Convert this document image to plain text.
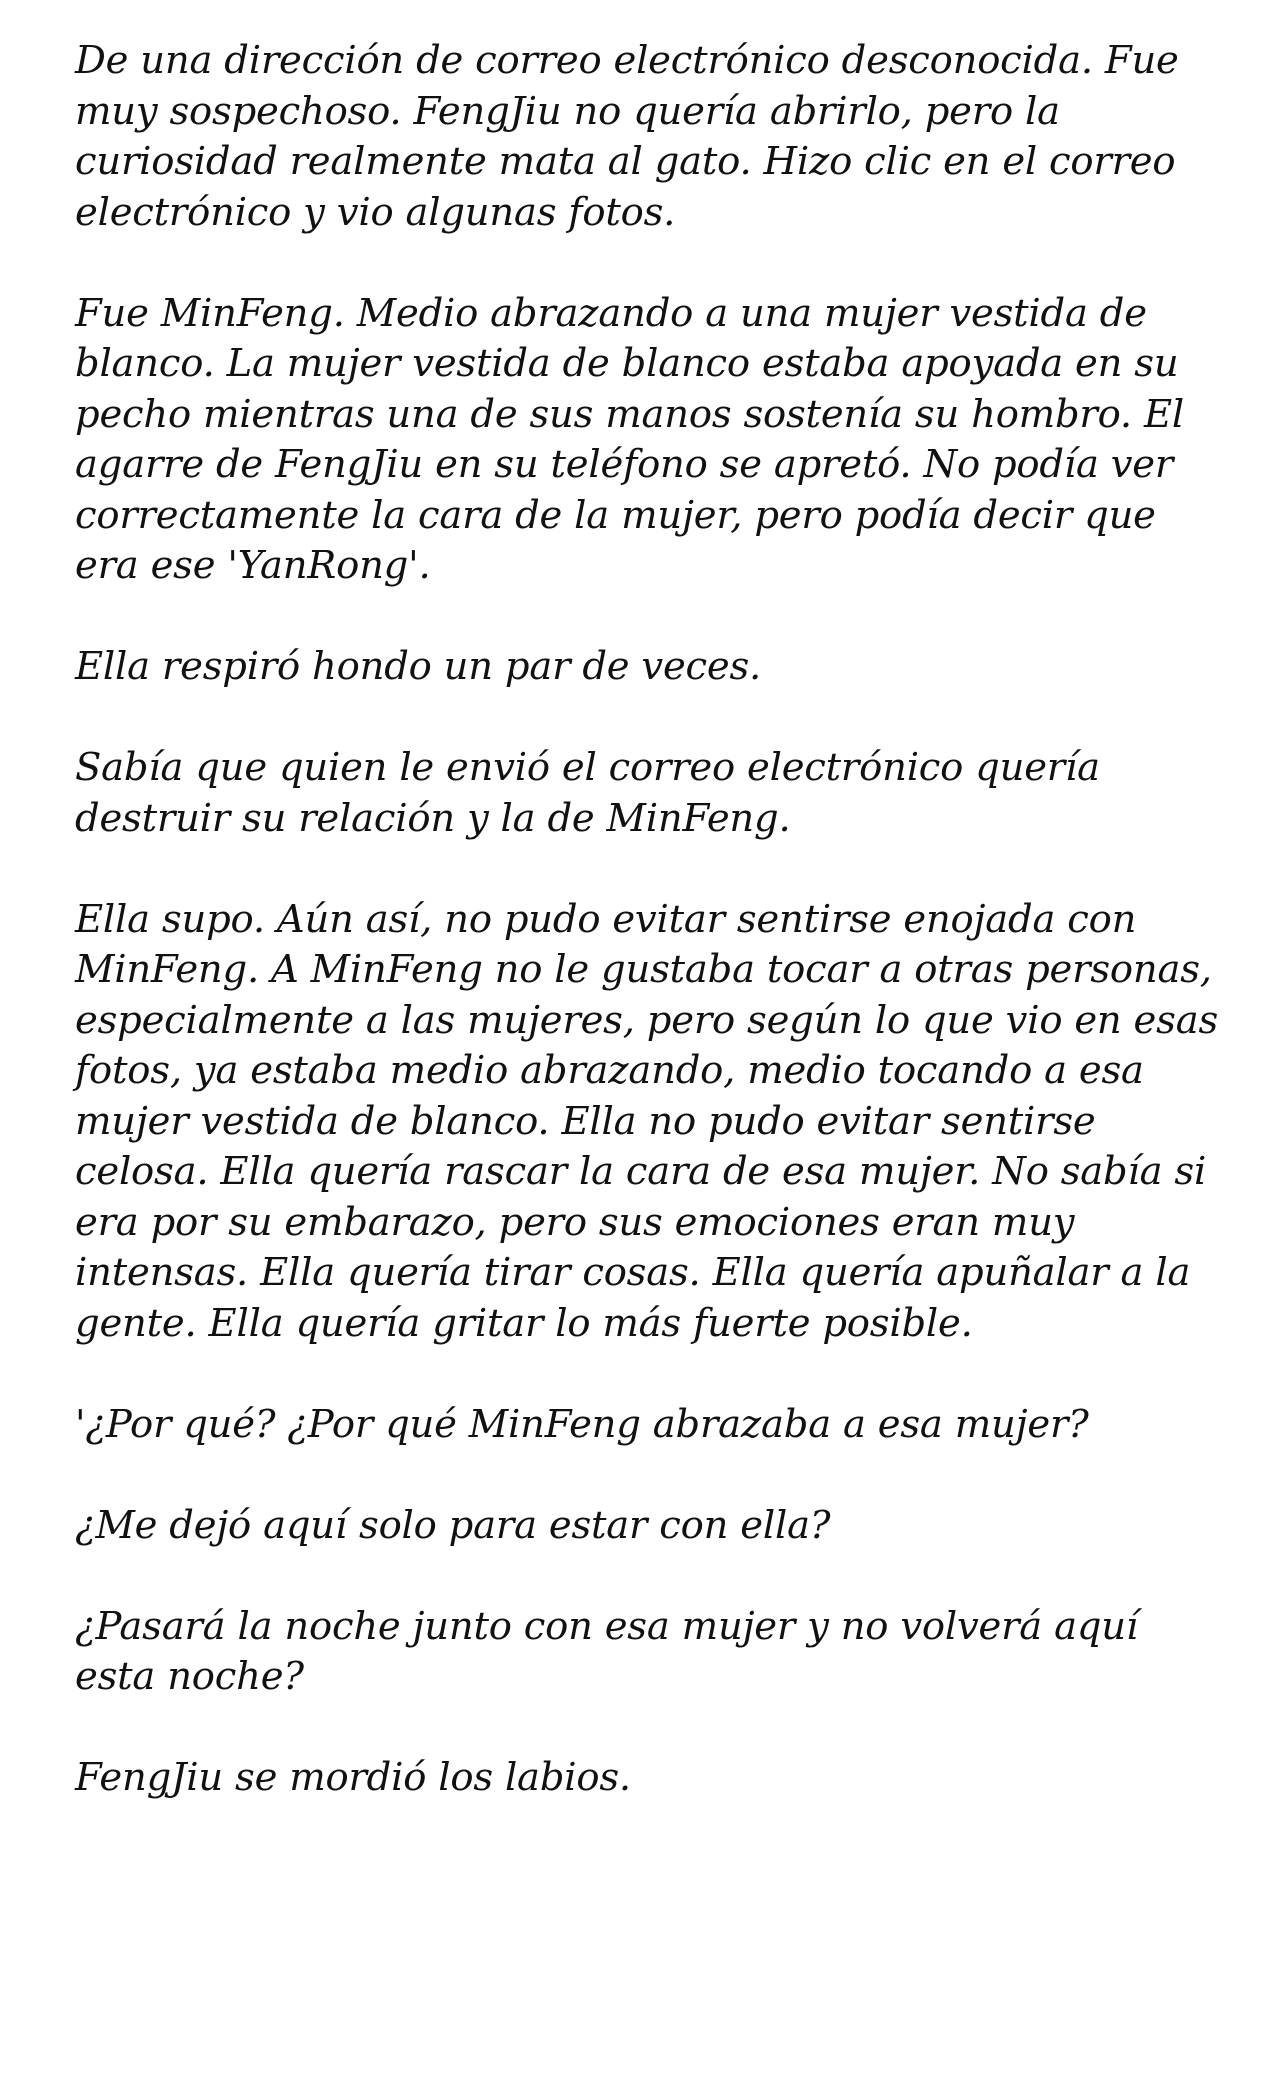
De una dirección de correo electrónico desconocida. Fue muy sospechoso. FengJiu no quería abrirlo, pero la curiosidad realmente mata al gato. Hizo clic en el correo electrónico y vio algunas fotos.

Fue MinFeng. Medio abrazando a una mujer vestida de blanco. La mujer vestida de blanco estaba apoyada en su pecho mientras una de sus manos sostenía su hombro. El agarre de FengJiu en su teléfono se apretó. No podía ver correctamente la cara de la mujer, pero podía decir que era ese 'YanRong'.

Ella respiró hondo un par de veces.

Sabía que quien le envió el correo electrónico quería destruir su relación y la de MinFeng.

Ella supo. Aún así, no pudo evitar sentirse enojada con MinFeng. A MinFeng no le gustaba tocar a otras personas, especialmente a las mujeres, pero según lo que vio en esas fotos, ya estaba medio abrazando, medio tocando a esa mujer vestida de blanco. Ella no pudo evitar sentirse celosa. Ella quería rascar la cara de esa mujer. No sabía si era por su embarazo, pero sus emociones eran muy intensas. Ella quería tirar cosas. Ella quería apuñalar a la gente. Ella quería gritar lo más fuerte posible.

'¿Por qué? ¿Por qué MinFeng abrazaba a esa mujer?

¿Me dejó aquí solo para estar con ella?

¿Pasará la noche junto con esa mujer y no volverá aquí esta noche?

FengJiu se mordió los labios.
